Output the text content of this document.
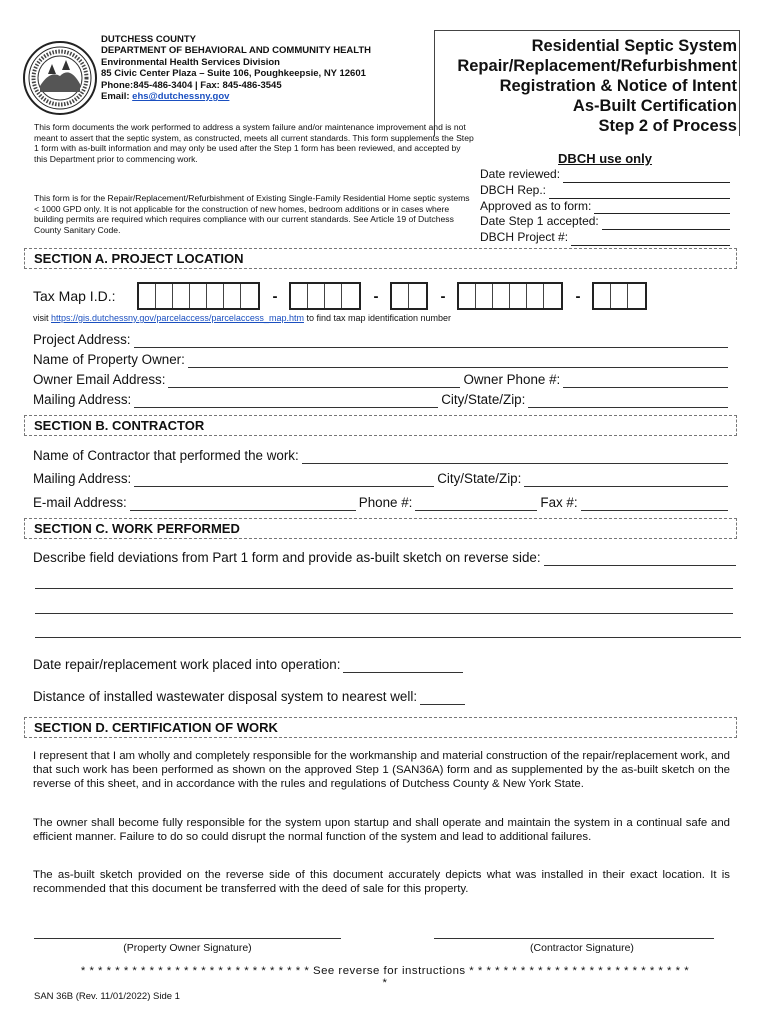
DUTCHESS COUNTY
DEPARTMENT OF BEHAVIORAL AND COMMUNITY HEALTH
Environmental Health Services Division
85 Civic Center Plaza – Suite 106, Poughkeepsie, NY 12601
Phone:845-486-3404 | Fax: 845-486-3545
Email: ehs@dutchessny.gov
Residential Septic System
Repair/Replacement/Refurbishment
Registration & Notice of Intent
As-Built Certification
Step 2 of Process
This form documents the work performed to address a system failure and/or maintenance improvement and is not meant to assert that the septic system, as constructed, meets all current standards. This form supplements the Step 1 form with as-built information and may only be used after the Step 1 form has been reviewed, and accepted by this Department prior to commencing work.
This form is for the Repair/Replacement/Refurbishment of Existing Single-Family Residential Home septic systems < 1000 GPD only. It is not applicable for the construction of new homes, bedroom additions or in cases where building permits are required which requires compliance with our current standards. See Article 19 of Dutchess County Sanitary Code.
DBCH use only
Date reviewed:
DBCH Rep.:
Approved as to form:
Date Step 1 accepted:
DBCH Project #:
SECTION A. PROJECT LOCATION
Tax Map I.D.:	-	-	-	-
visit https://gis.dutchessny.gov/parcelaccess/parcelaccess_map.htm to find tax map identification number
Project Address:
Name of Property Owner:
Owner Email Address:	Owner Phone #:
Mailing Address:	City/State/Zip:
SECTION B. CONTRACTOR
Name of Contractor that performed the work:
Mailing Address:	City/State/Zip:
E-mail Address:	Phone #:	Fax #:
SECTION C. WORK PERFORMED
Describe field deviations from Part 1 form and provide as-built sketch on reverse side:
Date repair/replacement work placed into operation:
Distance of installed wastewater disposal system to nearest well:
SECTION D. CERTIFICATION OF WORK
I represent that I am wholly and completely responsible for the workmanship and material construction of the repair/replacement work, and that such work has been performed as shown on the approved Step 1 (SAN36A) form and as supplemented by the as-built sketch on the reverse of this sheet, and in accordance with the rules and regulations of Dutchess County & New York State.
The owner shall become fully responsible for the system upon startup and shall operate and maintain the system in a continual safe and efficient manner. Failure to do so could disrupt the normal function of the system and lead to additional failures.
The as-built sketch provided on the reverse side of this document accurately depicts what was installed in their exact location. It is recommended that this document be transferred with the deed of sale for this property.
(Property Owner Signature)	(Contractor Signature)
* * * * * * * * * * * * * * * * * * * * * * * * * * * See reverse for instructions * * * * * * * * * * * * * * * * * * * * * * * * * * *
SAN 36B (Rev. 11/01/2022) Side 1
